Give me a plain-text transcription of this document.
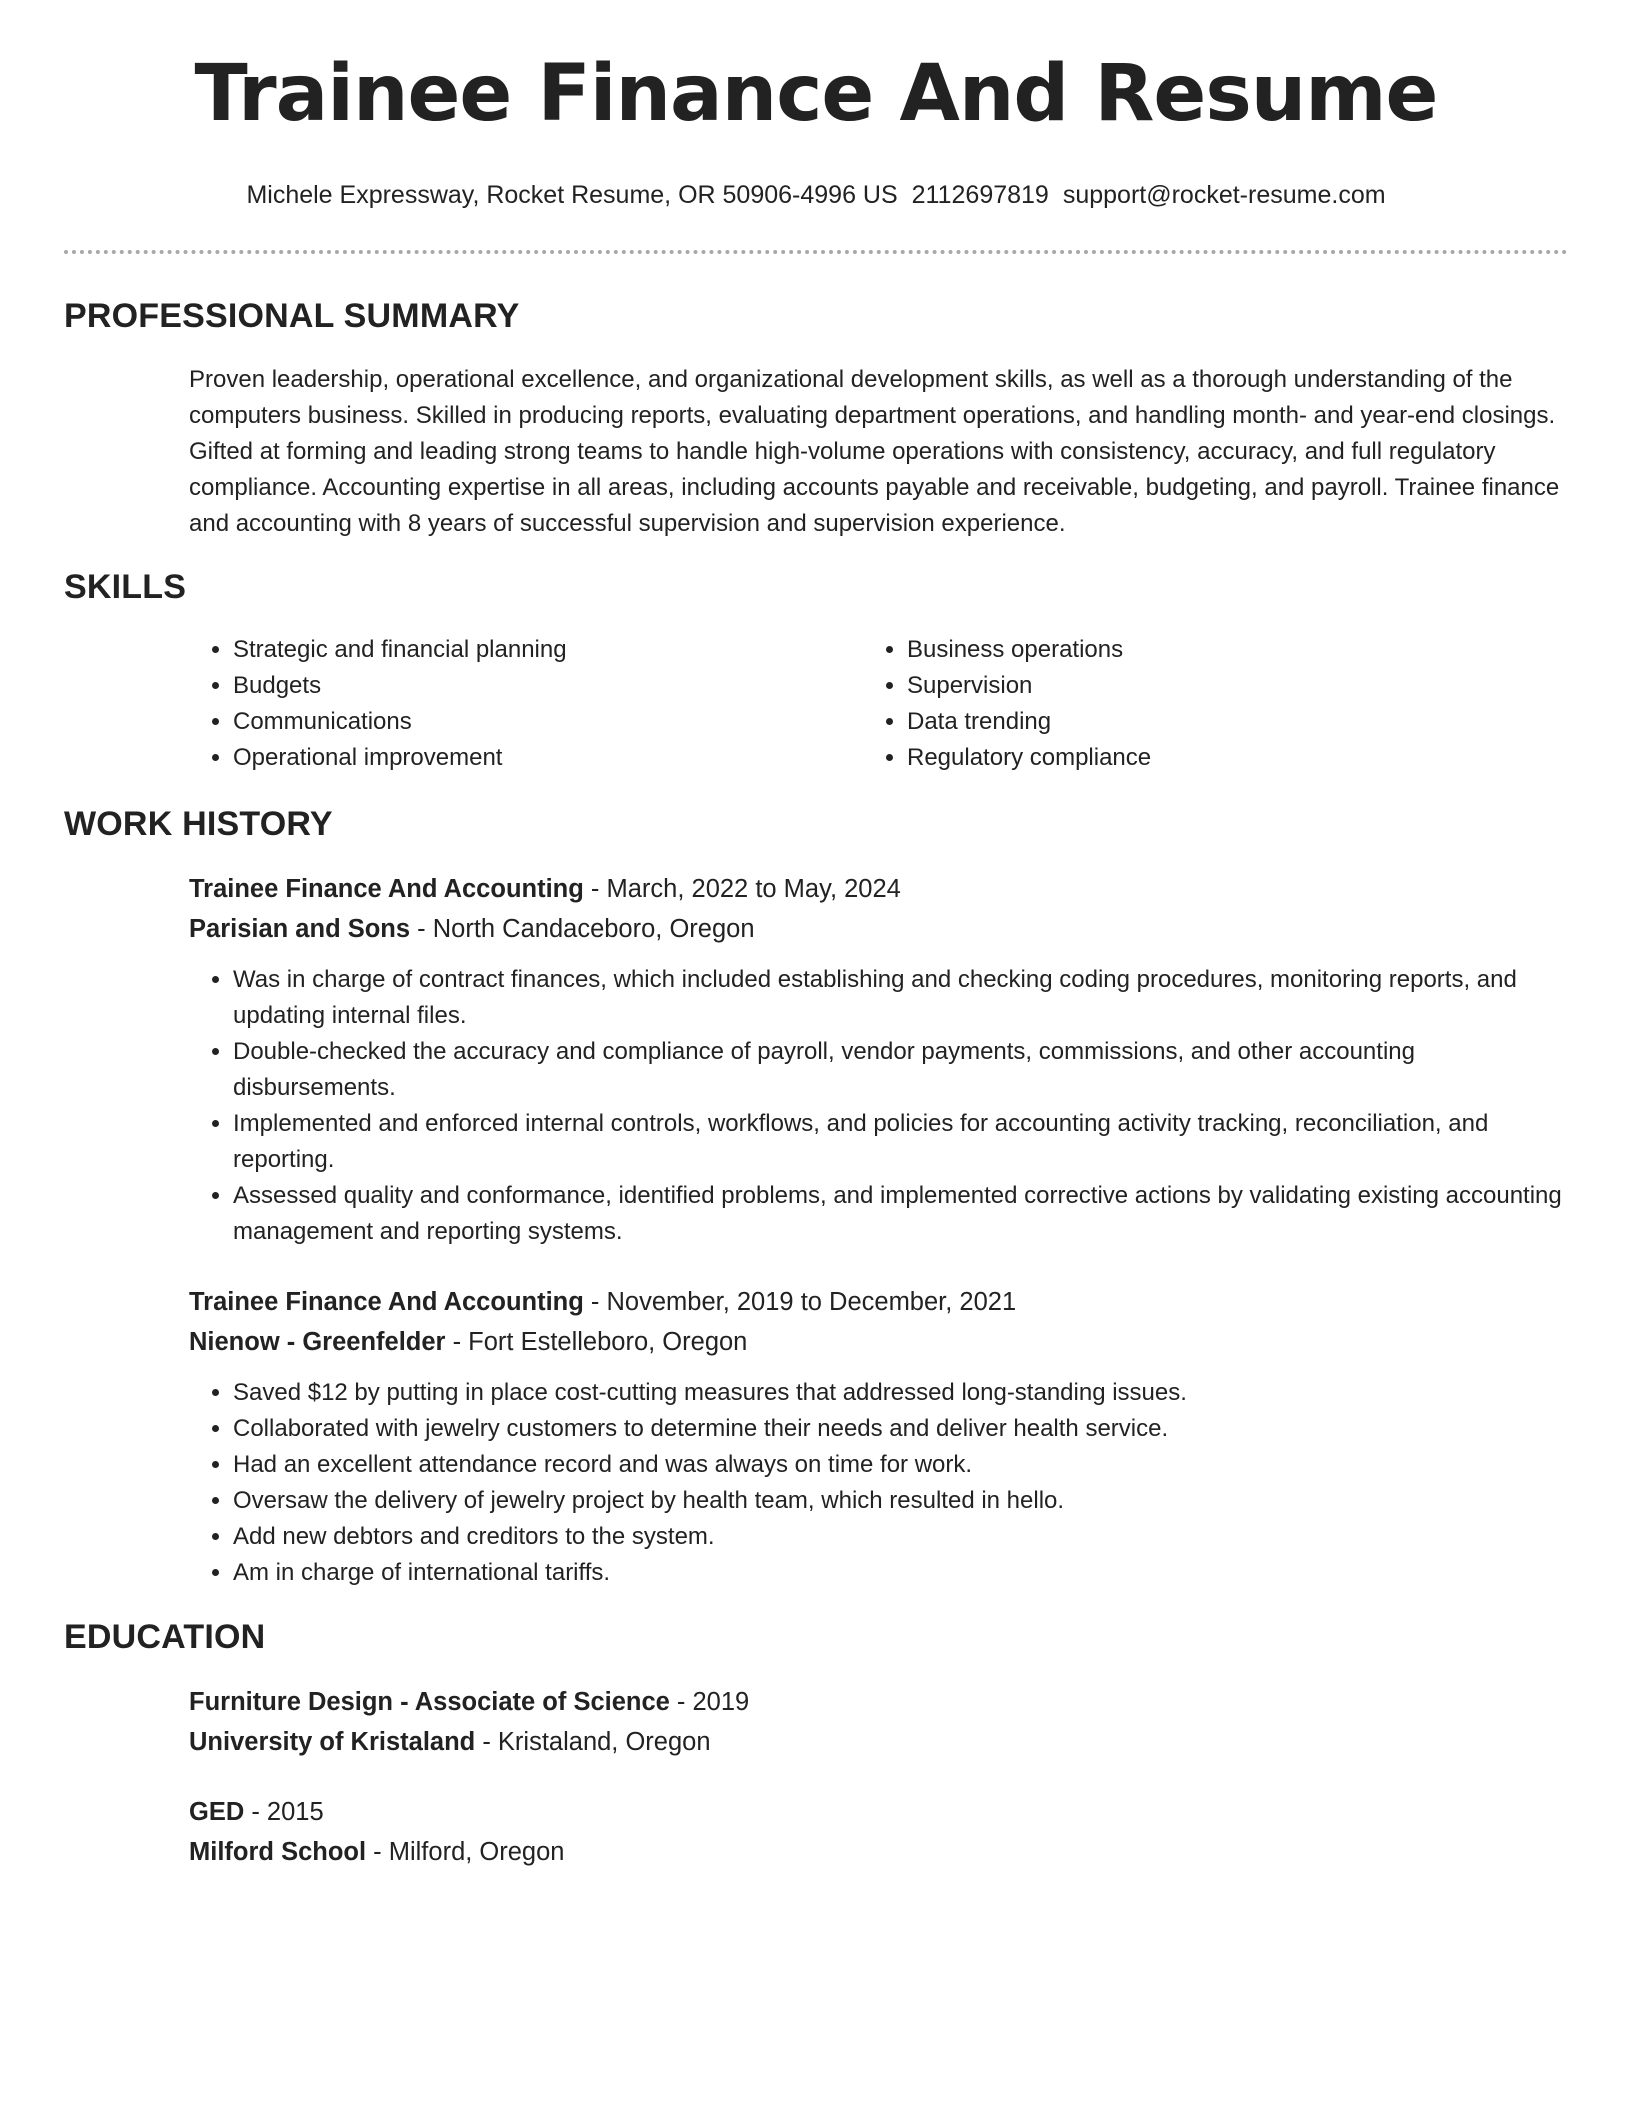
Trainee Finance And Resume
Michele Expressway, Rocket Resume, OR 50906-4996 US 2112697819 support@rocket-resume.com
PROFESSIONAL SUMMARY
Proven leadership, operational excellence, and organizational development skills, as well as a thorough understanding of the computers business. Skilled in producing reports, evaluating department operations, and handling month- and year-end closings. Gifted at forming and leading strong teams to handle high-volume operations with consistency, accuracy, and full regulatory compliance. Accounting expertise in all areas, including accounts payable and receivable, budgeting, and payroll. Trainee finance and accounting with 8 years of successful supervision and supervision experience.
SKILLS
• Strategic and financial planning
• Budgets
• Communications
• Operational improvement
• Business operations
• Supervision
• Data trending
• Regulatory compliance
WORK HISTORY
Trainee Finance And Accounting - March, 2022 to May, 2024
Parisian and Sons - North Candaceboro, Oregon
• Was in charge of contract finances, which included establishing and checking coding procedures, monitoring reports, and updating internal files.
• Double-checked the accuracy and compliance of payroll, vendor payments, commissions, and other accounting disbursements.
• Implemented and enforced internal controls, workflows, and policies for accounting activity tracking, reconciliation, and reporting.
• Assessed quality and conformance, identified problems, and implemented corrective actions by validating existing accounting management and reporting systems.
Trainee Finance And Accounting - November, 2019 to December, 2021
Nienow - Greenfelder - Fort Estelleboro, Oregon
• Saved $12 by putting in place cost-cutting measures that addressed long-standing issues.
• Collaborated with jewelry customers to determine their needs and deliver health service.
• Had an excellent attendance record and was always on time for work.
• Oversaw the delivery of jewelry project by health team, which resulted in hello.
• Add new debtors and creditors to the system.
• Am in charge of international tariffs.
EDUCATION
Furniture Design - Associate of Science - 2019
University of Kristaland - Kristaland, Oregon
GED - 2015
Milford School - Milford, Oregon
